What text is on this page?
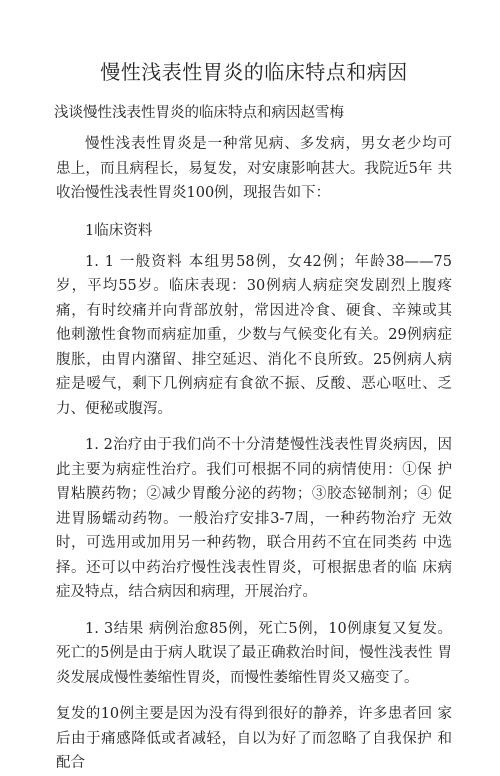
慢性浅表性胃炎的临床特点和病因
浅谈慢性浅表性胃炎的临床特点和病因赵雪梅

慢性浅表性胃炎是一种常见病、多发病，男女老少均可 患上，而且病程长，易复发，对安康影响甚大。我院近5年 共收治慢性浅表性胃炎100例，现报告如下：

1临床资料

1. 1 一般资料 本组男58例，女42例；年龄38——75 岁，平均55岁。临床表现：30例病人病症突发剧烈上腹疼 痛，有时绞痛并向背部放射，常因进冷食、硬食、辛辣或其 他刺激性食物而病症加重，少数与气候变化有关。29例病症 腹胀，由胃内潴留、排空延迟、消化不良所致。25例病人病 症是嗳气，剩下几例病症有食欲不振、反酸、恶心呕吐、乏 力、便秘或腹泻。

1. 2治疗由于我们尚不十分清楚慢性浅表性胃炎病因，因此主要为病症性治疗。我们可根据不同的病情使用：①保 护胃粘膜药物；②减少胃酸分泌的药物；③胶态铋制剂；④ 促进胃肠蠕动药物。一般治疗安排3-7周，一种药物治疗 无效时，可选用或加用另一种药物，联合用药不宜在同类药 中选择。还可以中药治疗慢性浅表性胃炎，可根据患者的临 床病症及特点，结合病因和病理，开展治疗。

1. 3结果 病例治愈85例，死亡5例，10例康复又复发。 死亡的5例是由于病人耽误了最正确救治时间，慢性浅表性 胃炎发展成慢性萎缩性胃炎，而慢性萎缩性胃炎又癌变了。

复发的10例主要是因为没有得到很好的静养，许多患者回 家后由于痛感降低或者减轻，自以为好了而忽略了自我保护 和配合
